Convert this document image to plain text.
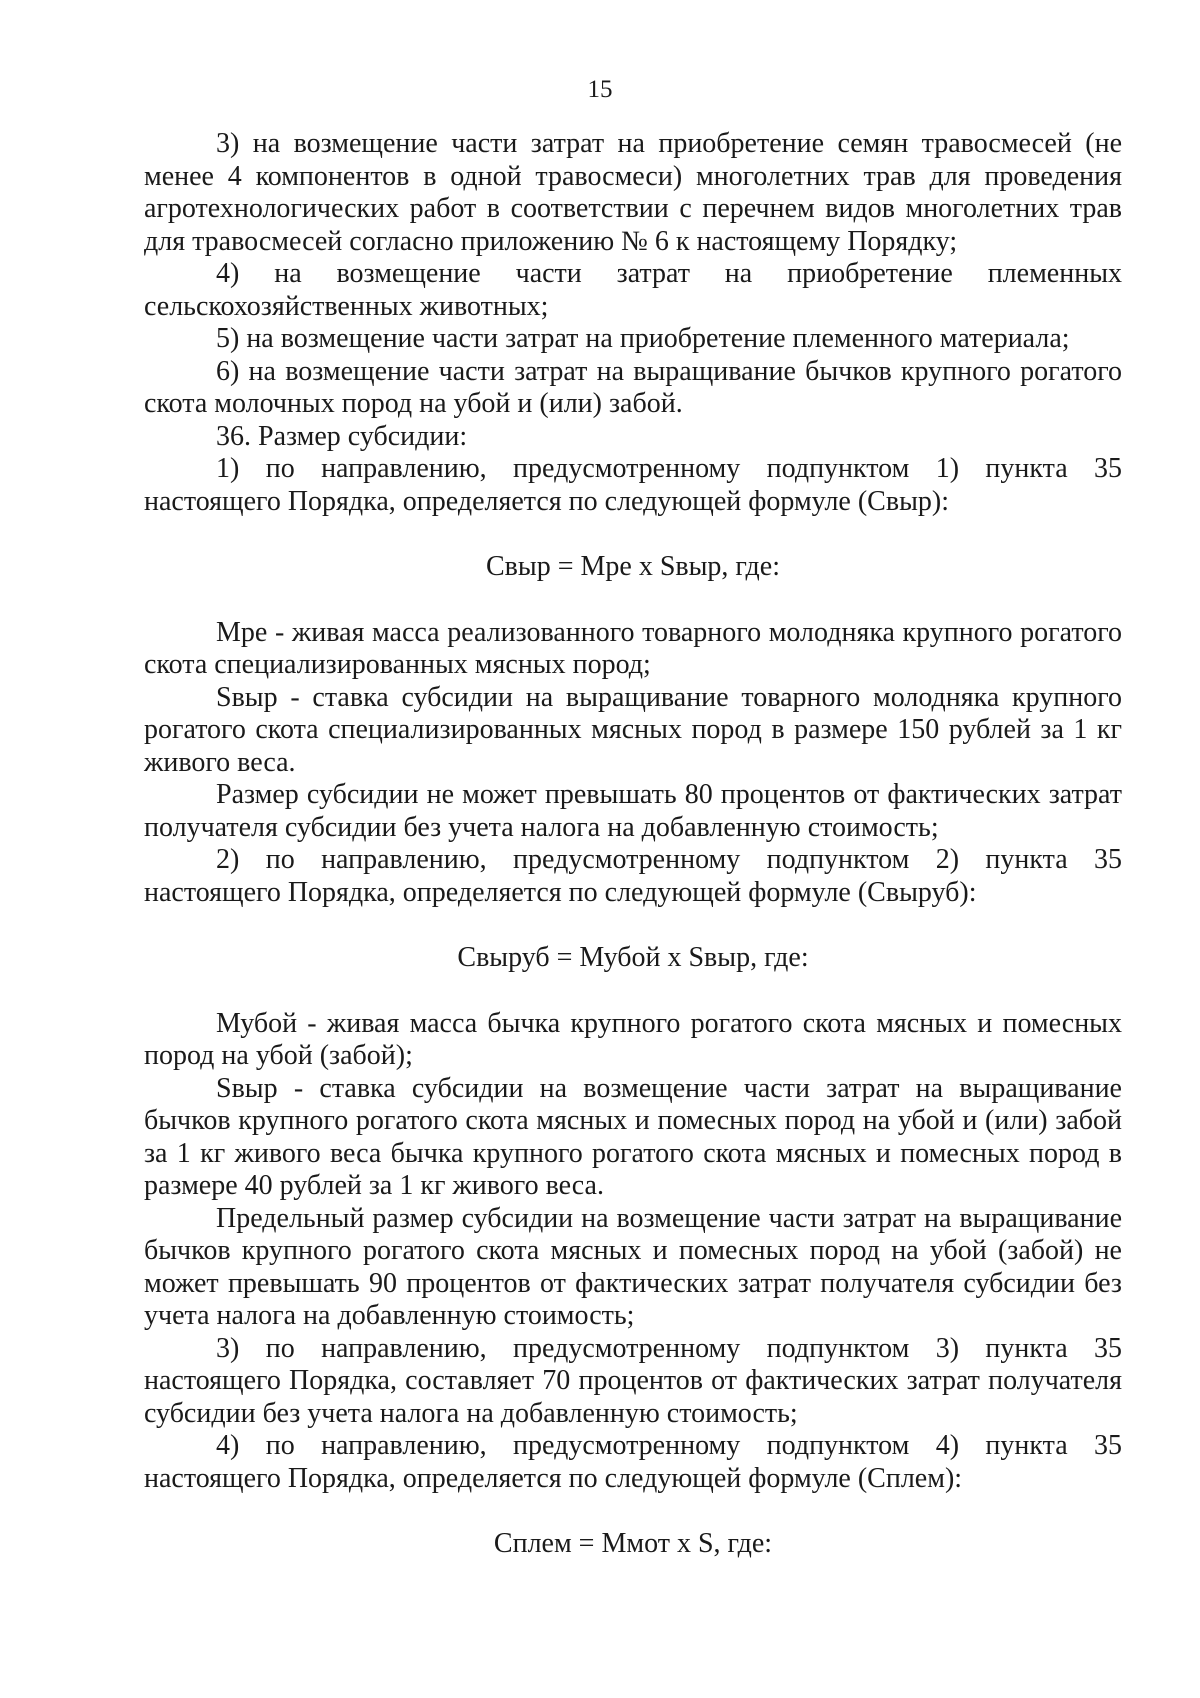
15

3) на возмещение части затрат на приобретение семян травосмесей (не менее 4 компонентов в одной травосмеси) многолетних трав для проведения агротехнологических работ в соответствии с перечнем видов многолетних трав для травосмесей согласно приложению № 6 к настоящему Порядку;

4) на возмещение части затрат на приобретение племенных сельскохозяйственных животных;

5) на возмещение части затрат на приобретение племенного материала;

6) на возмещение части затрат на выращивание бычков крупного рогатого скота молочных пород на убой и (или) забой.

36. Размер субсидии:

1) по направлению, предусмотренному подпунктом 1) пункта 35 настоящего Порядка, определяется по следующей формуле (Свыр):

Свыр = Мре x Sвыр, где:

Мре - живая масса реализованного товарного молодняка крупного рогатого скота специализированных мясных пород;

Sвыр - ставка субсидии на выращивание товарного молодняка крупного рогатого скота специализированных мясных пород в размере 150 рублей за 1 кг живого веса.

Размер субсидии не может превышать 80 процентов от фактических затрат получателя субсидии без учета налога на добавленную стоимость;

2) по направлению, предусмотренному подпунктом 2) пункта 35 настоящего Порядка, определяется по следующей формуле (Свыруб):

Свыруб = Мубой x Sвыр, где:

Мубой - живая масса бычка крупного рогатого скота мясных и помесных пород на убой (забой);

Sвыр - ставка субсидии на возмещение части затрат на выращивание бычков крупного рогатого скота мясных и помесных пород на убой и (или) забой за 1 кг живого веса бычка крупного рогатого скота мясных и помесных пород в размере 40 рублей за 1 кг живого веса.

Предельный размер субсидии на возмещение части затрат на выращивание бычков крупного рогатого скота мясных и помесных пород на убой (забой) не может превышать 90 процентов от фактических затрат получателя субсидии без учета налога на добавленную стоимость;

3) по направлению, предусмотренному подпунктом 3) пункта 35 настоящего Порядка, составляет 70 процентов от фактических затрат получателя субсидии без учета налога на добавленную стоимость;

4) по направлению, предусмотренному подпунктом 4) пункта 35 настоящего Порядка, определяется по следующей формуле (Сплем):

Сплем = Ммот x S, где:
